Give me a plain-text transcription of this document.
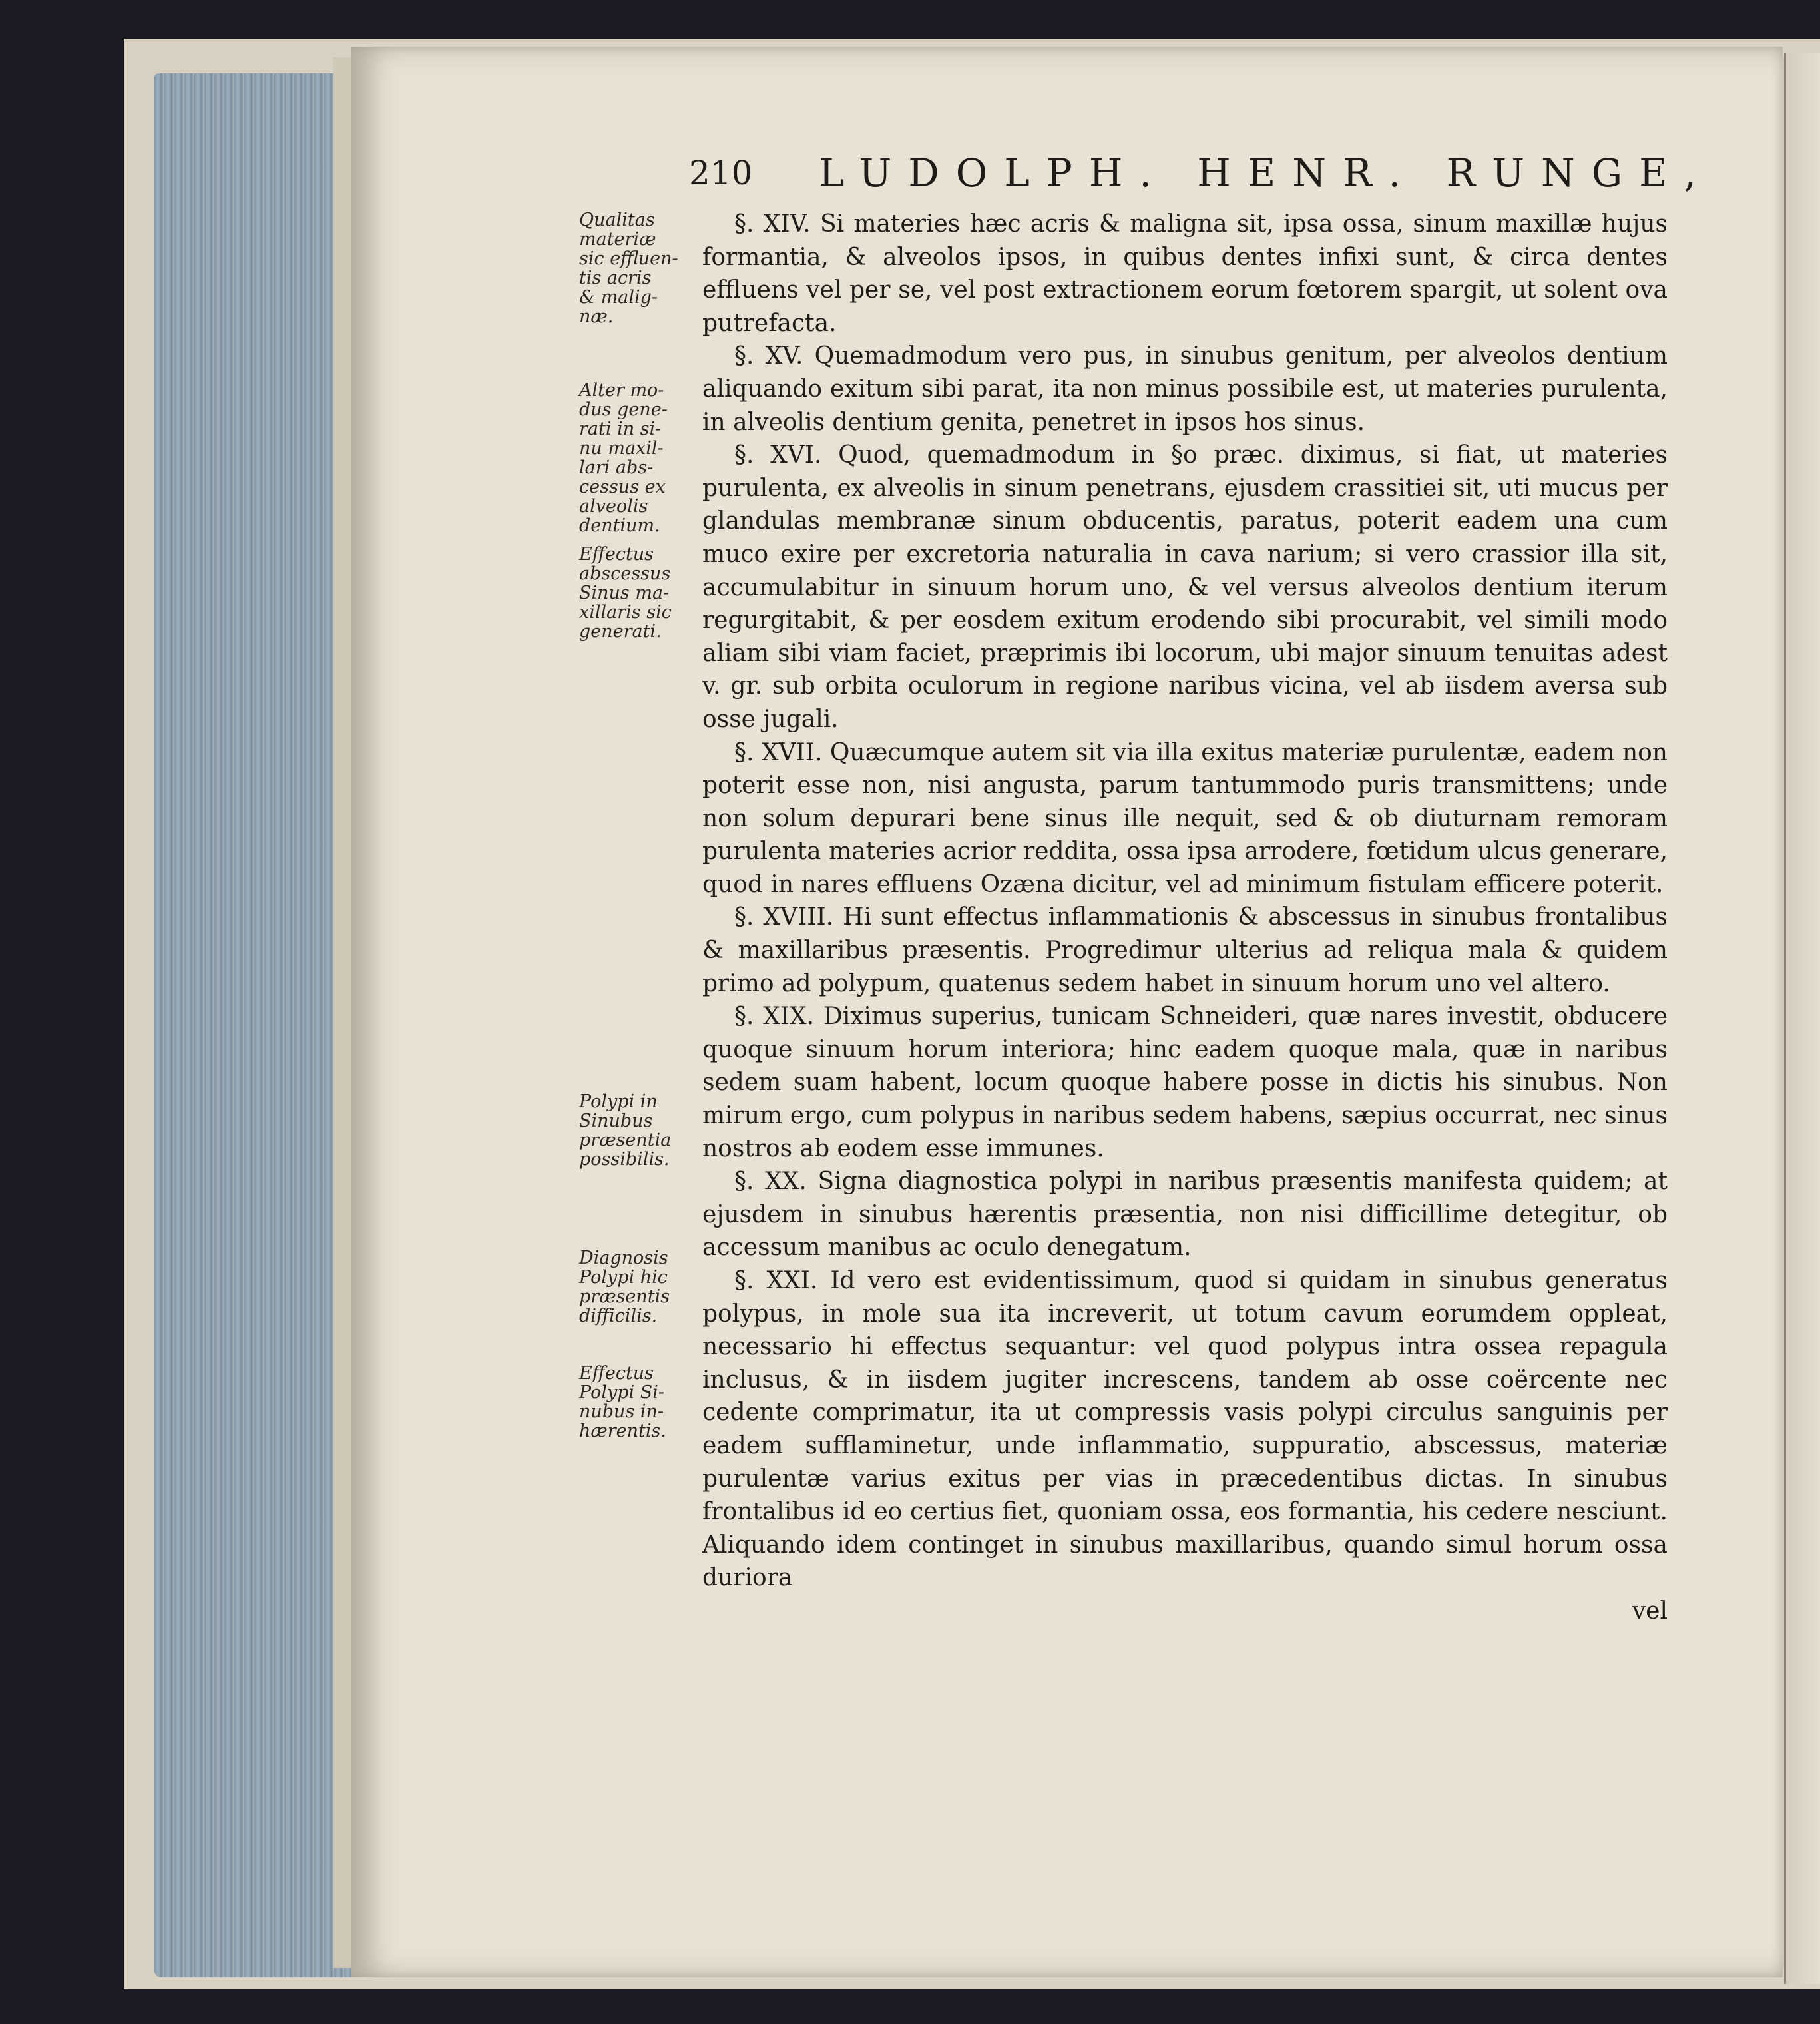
210 LUDOLPH. HENR. RUNGE,
Qualitas
materiæ
sic effluen-
tis acris
& malig-
næ.
Alter mo-
dus gene-
rati in si-
nu maxil-
lari abs-
cessus ex
alveolis
dentium.
Effectus
abscessus
Sinus ma-
xillaris sic
generati.
Polypi in
Sinubus
præsentia
possibilis.
Diagnosis
Polypi hic
præsentis
difficilis.
Effectus
Polypi Si-
nubus in-
hærentis.

§. XIV. Si materies hæc acris & maligna sit, ipsa ossa, sinum maxillæ hujus formantia, & alveolos ipsos, in quibus dentes infixi sunt, & circa dentes effluens vel per se, vel post extractionem eorum fœtorem spargit, ut solent ova putrefacta.

§. XV. Quemadmodum vero pus, in sinubus genitum, per alveolos dentium aliquando exitum sibi parat, ita non minus possibile est, ut materies purulenta, in alveolis dentium genita, penetret in ipsos hos sinus.

§. XVI. Quod, quemadmodum in §o præc. diximus, si fiat, ut materies purulenta, ex alveolis in sinum penetrans, ejusdem crassitiei sit, uti mucus per glandulas membranæ sinum obducentis, paratus, poterit eadem una cum muco exire per excretoria naturalia in cava narium; si vero crassior illa sit, accumulabitur in sinuum horum uno, & vel versus alveolos dentium iterum regurgitabit, & per eosdem exitum erodendo sibi procurabit, vel simili modo aliam sibi viam faciet, præprimis ibi locorum, ubi major sinuum tenuitas adest v. gr. sub orbita oculorum in regione naribus vicina, vel ab iisdem aversa sub osse jugali.

§. XVII. Quæcumque autem sit via illa exitus materiæ purulentæ, eadem non poterit esse non, nisi angusta, parum tantummodo puris transmittens; unde non solum depurari bene sinus ille nequit, sed & ob diuturnam remoram purulenta materies acrior reddita, ossa ipsa arrodere, fœtidum ulcus generare, quod in nares effluens Ozæna dicitur, vel ad minimum fistulam efficere poterit.

§. XVIII. Hi sunt effectus inflammationis & abscessus in sinubus frontalibus & maxillaribus præsentis. Progredimur ulterius ad reliqua mala & quidem primo ad polypum, quatenus sedem habet in sinuum horum uno vel altero.

§. XIX. Diximus superius, tunicam Schneideri, quæ nares investit, obducere quoque sinuum horum interiora; hinc eadem quoque mala, quæ in naribus sedem suam habent, locum quoque habere posse in dictis his sinubus. Non mirum ergo, cum polypus in naribus sedem habens, sæpius occurrat, nec sinus nostros ab eodem esse immunes.

§. XX. Signa diagnostica polypi in naribus præsentis manifesta quidem; at ejusdem in sinubus hærentis præsentia, non nisi difficillime detegitur, ob accessum manibus ac oculo denegatum.

§. XXI. Id vero est evidentissimum, quod si quidam in sinubus generatus polypus, in mole sua ita increverit, ut totum cavum eorumdem oppleat, necessario hi effectus sequantur: vel quod polypus intra ossea repagula inclusus, & in iisdem jugiter increscens, tandem ab osse coërcente nec cedente comprimatur, ita ut compressis vasis polypi circulus sanguinis per eadem sufflaminetur, unde inflammatio, suppuratio, abscessus, materiæ purulentæ varius exitus per vias in præcedentibus dictas. In sinubus frontalibus id eo certius fiet, quoniam ossa, eos formantia, his cedere nesciunt. Aliquando idem continget in sinubus maxillaribus, quando simul horum ossa duriora

vel
